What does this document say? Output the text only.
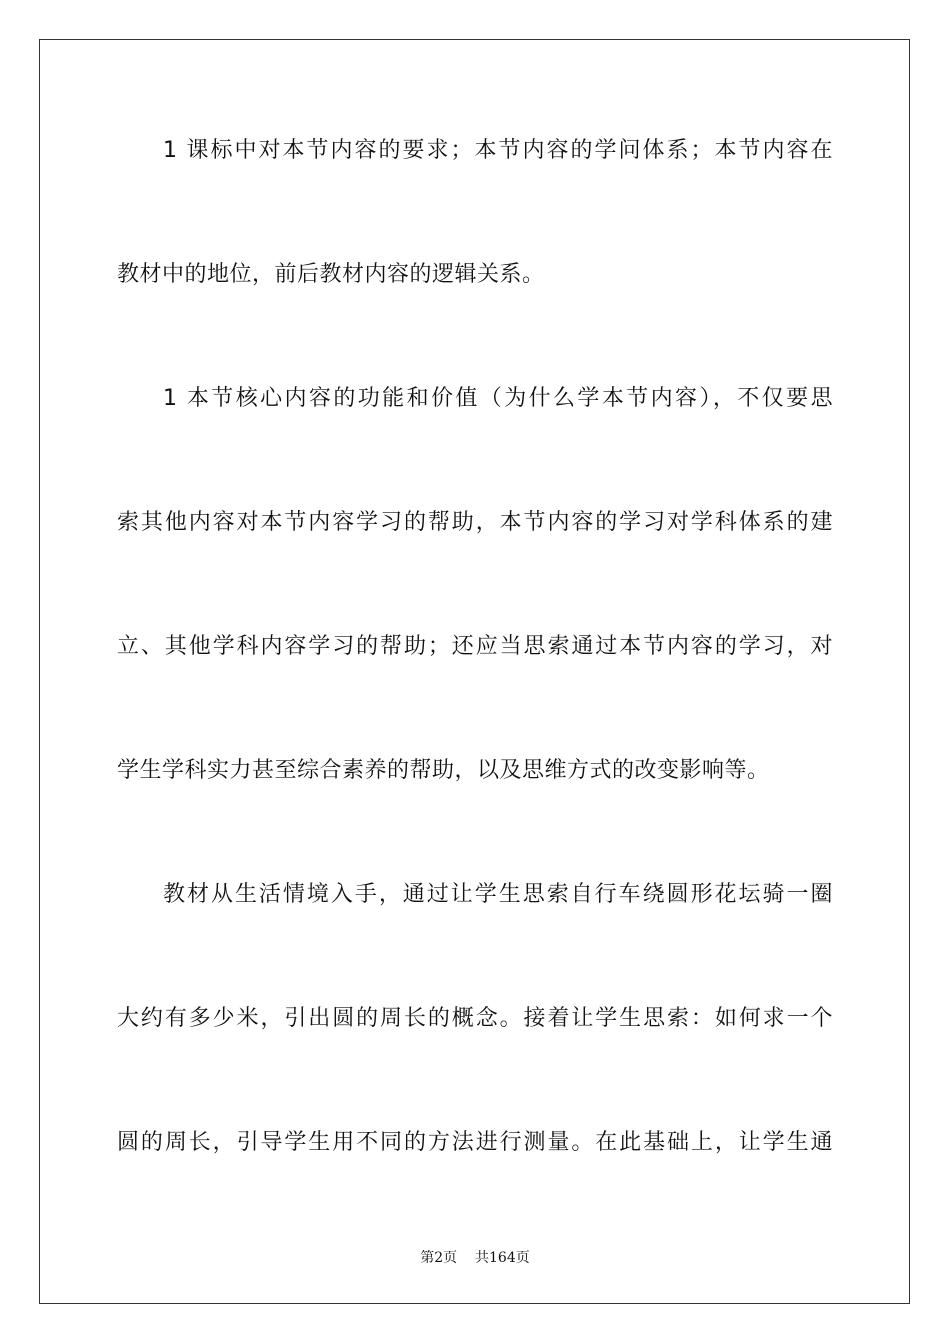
1 课标中对本节内容的要求；本节内容的学问体系；本节内容在
教材中的地位，前后教材内容的逻辑关系。
1 本节核心内容的功能和价值（为什么学本节内容），不仅要思
索其他内容对本节内容学习的帮助，本节内容的学习对学科体系的建
立、其他学科内容学习的帮助；还应当思索通过本节内容的学习，对
学生学科实力甚至综合素养的帮助，以及思维方式的改变影响等。
教材从生活情境入手，通过让学生思索自行车绕圆形花坛骑一圈
大约有多少米，引出圆的周长的概念。接着让学生思索：如何求一个
圆的周长，引导学生用不同的方法进行测量。在此基础上，让学生通
第2页 共164页
